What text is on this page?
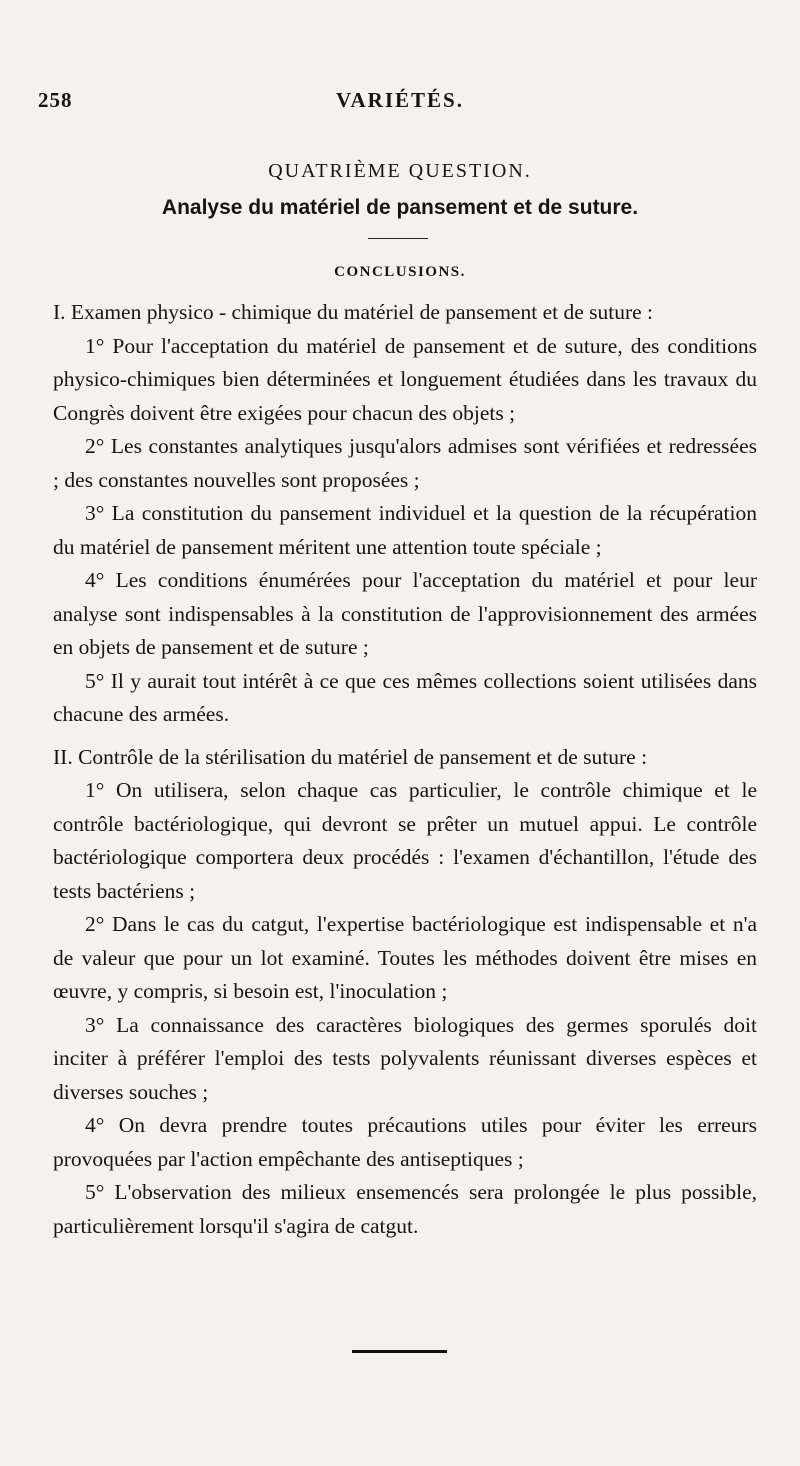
258	VARIÉTÉS.
QUATRIÈME QUESTION.
Analyse du matériel de pansement et de suture.
CONCLUSIONS.

I. Examen physico - chimique du matériel de pansement et de suture :

1° Pour l'acceptation du matériel de pansement et de suture, des conditions physico-chimiques bien déterminées et longuement étudiées dans les travaux du Congrès doivent être exigées pour chacun des objets ;

2° Les constantes analytiques jusqu'alors admises sont vérifiées et redressées ; des constantes nouvelles sont proposées ;

3° La constitution du pansement individuel et la question de la récupération du matériel de pansement méritent une attention toute spéciale ;

4° Les conditions énumérées pour l'acceptation du matériel et pour leur analyse sont indispensables à la constitution de l'approvisionnement des armées en objets de pansement et de suture ;

5° Il y aurait tout intérêt à ce que ces mêmes collections soient utilisées dans chacune des armées.

II. Contrôle de la stérilisation du matériel de pansement et de suture :

1° On utilisera, selon chaque cas particulier, le contrôle chimique et le contrôle bactériologique, qui devront se prêter un mutuel appui. Le contrôle bactériologique comportera deux procédés : l'examen d'échantillon, l'étude des tests bactériens ;

2° Dans le cas du catgut, l'expertise bactériologique est indispensable et n'a de valeur que pour un lot examiné. Toutes les méthodes doivent être mises en œuvre, y compris, si besoin est, l'inoculation ;

3° La connaissance des caractères biologiques des germes sporulés doit inciter à préférer l'emploi des tests polyvalents réunissant diverses espèces et diverses souches ;

4° On devra prendre toutes précautions utiles pour éviter les erreurs provoquées par l'action empêchante des antiseptiques ;

5° L'observation des milieux ensemencés sera prolongée le plus possible, particulièrement lorsqu'il s'agira de catgut.
